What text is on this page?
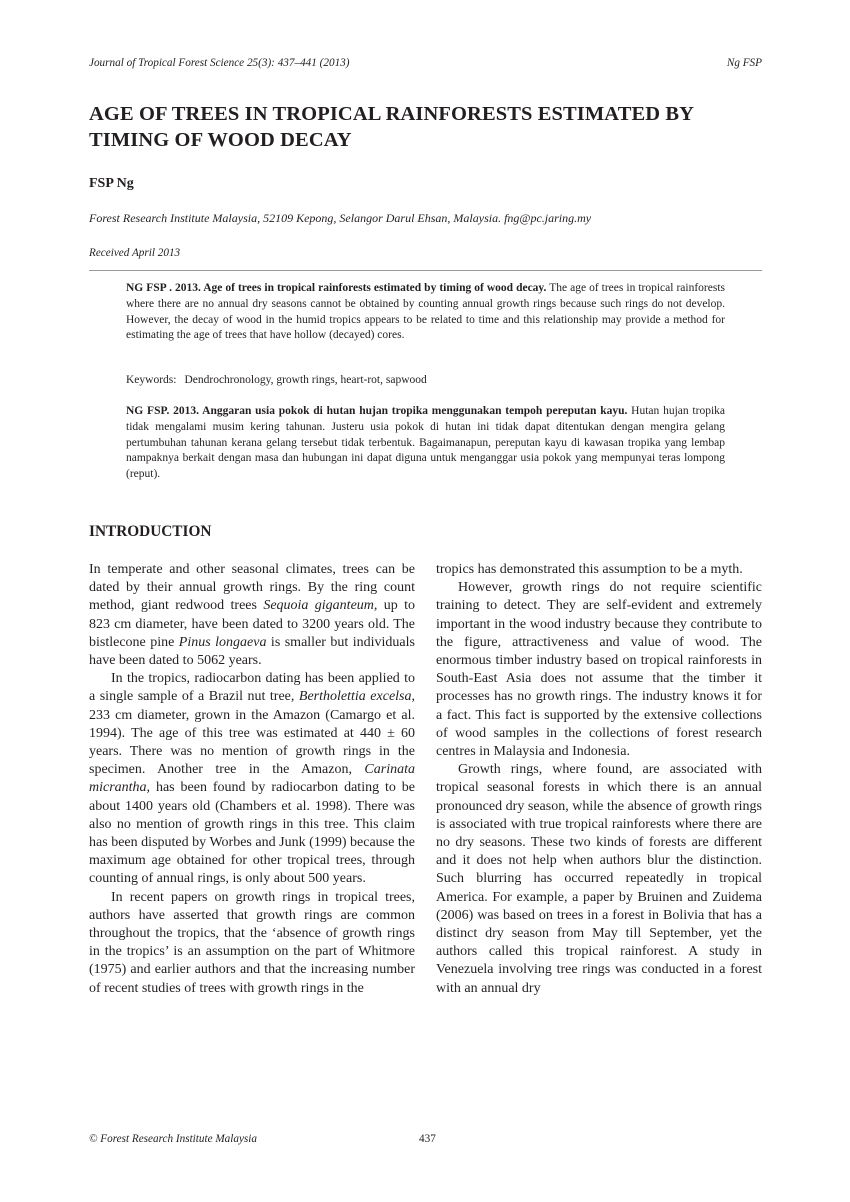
Journal of Tropical Forest Science 25(3): 437–441 (2013)	Ng FSP
AGE OF TREES IN TROPICAL RAINFORESTS ESTIMATED BY
TIMING OF WOOD DECAY
FSP Ng
Forest Research Institute Malaysia, 52109 Kepong, Selangor Darul Ehsan, Malaysia. fng@pc.jaring.my
Received April 2013

NG FSP . 2013. Age of trees in tropical rainforests estimated by timing of wood decay. The age of trees in tropical rainforests where there are no annual dry seasons cannot be obtained by counting annual growth rings because such rings do not develop. However, the decay of wood in the humid tropics appears to be related to time and this relationship may provide a method for estimating the age of trees that have hollow (decayed) cores.

Keywords: Dendrochronology, growth rings, heart-rot, sapwood

NG FSP. 2013. Anggaran usia pokok di hutan hujan tropika menggunakan tempoh pereputan kayu. Hutan hujan tropika tidak mengalami musim kering tahunan. Justeru usia pokok di hutan ini tidak dapat ditentukan dengan mengira gelang pertumbuhan tahunan kerana gelang tersebut tidak terbentuk. Bagaimanapun, pereputan kayu di kawasan tropika yang lembap nampaknya berkait dengan masa dan hubungan ini dapat diguna untuk menganggar usia pokok yang mempunyai teras lompong (reput).

INTRODUCTION

In temperate and other seasonal climates, trees can be dated by their annual growth rings. By the ring count method, giant redwood trees Sequoia giganteum, up to 823 cm diameter, have been dated to 3200 years old. The bistlecone pine Pinus longaeva is smaller but individuals have been dated to 5062 years.

In the tropics, radiocarbon dating has been applied to a single sample of a Brazil nut tree, Bertholettia excelsa, 233 cm diameter, grown in the Amazon (Camargo et al. 1994). The age of this tree was estimated at 440 ± 60 years. There was no mention of growth rings in the specimen. Another tree in the Amazon, Carinata micrantha, has been found by radiocarbon dating to be about 1400 years old (Chambers et al. 1998). There was also no mention of growth rings in this tree. This claim has been disputed by Worbes and Junk (1999) because the maximum age obtained for other tropical trees, through counting of annual rings, is only about 500 years.

In recent papers on growth rings in tropical trees, authors have asserted that growth rings are common throughout the tropics, that the ‘absence of growth rings in the tropics’ is an assumption on the part of Whitmore (1975) and earlier authors and that the increasing number of recent studies of trees with growth rings in the

tropics has demonstrated this assumption to be a myth.

However, growth rings do not require scientific training to detect. They are self-evident and extremely important in the wood industry because they contribute to the figure, attractiveness and value of wood. The enormous timber industry based on tropical rainforests in South-East Asia does not assume that the timber it processes has no growth rings. The industry knows it for a fact. This fact is supported by the extensive collections of wood samples in the collections of forest research centres in Malaysia and Indonesia.

Growth rings, where found, are associated with tropical seasonal forests in which there is an annual pronounced dry season, while the absence of growth rings is associated with true tropical rainforests where there are no dry seasons. These two kinds of forests are different and it does not help when authors blur the distinction. Such blurring has occurred repeatedly in tropical America. For example, a paper by Bruinen and Zuidema (2006) was based on trees in a forest in Bolivia that has a distinct dry season from May till September, yet the authors called this tropical rainforest. A study in Venezuela involving tree rings was conducted in a forest with an annual dry

© Forest Research Institute Malaysia	437
